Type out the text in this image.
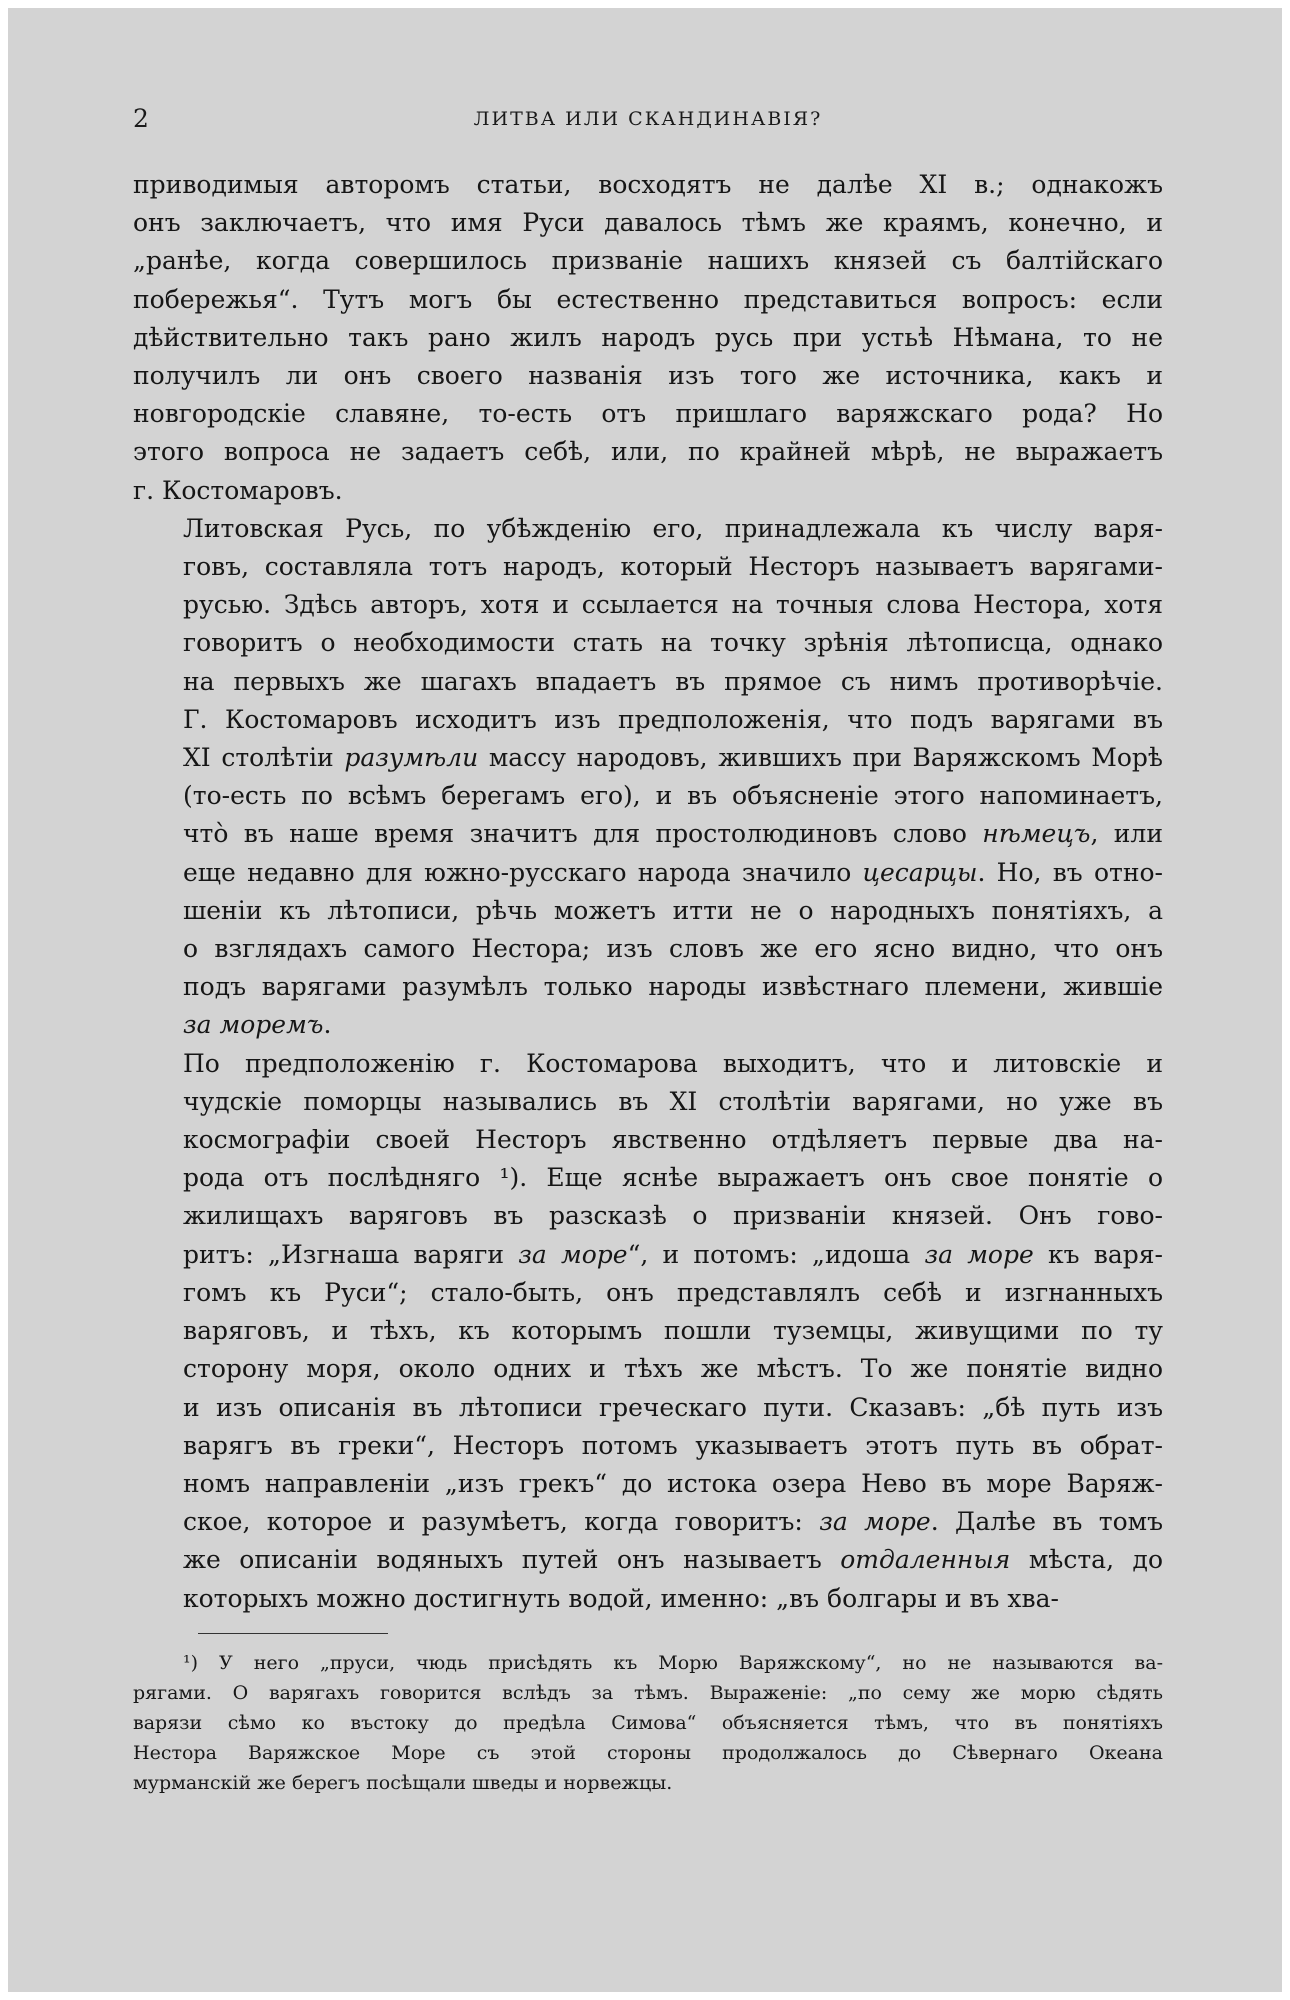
2	ЛИТВА ИЛИ СКАНДИНАВІЯ?

приводимыя авторомъ статьи, восходятъ не далѣе XI в.; однакожъ
онъ заключаетъ, что имя Руси давалось тѣмъ же краямъ, конечно, и
„ранѣе, когда совершилось призваніе нашихъ князей съ балтійскаго
побережья“. Тутъ могъ бы естественно представиться вопросъ: если
дѣйствительно такъ рано жилъ народъ русь при устьѣ Нѣмана, то не
получилъ ли онъ своего названія изъ того же источника, какъ и
новгородскіе славяне, то-есть отъ пришлаго варяжскаго рода? Но
этого вопроса не задаетъ себѣ, или, по крайней мѣрѣ, не выражаетъ
г. Костомаровъ.

Литовская Русь, по убѣжденію его, принадлежала къ числу варя-
говъ, составляла тотъ народъ, который Несторъ называетъ варягами-
русью. Здѣсь авторъ, хотя и ссылается на точныя слова Нестора, хотя
говоритъ о необходимости стать на точку зрѣнія лѣтописца, однако
на первыхъ же шагахъ впадаетъ въ прямое съ нимъ противорѣчіе.
Г. Костомаровъ исходитъ изъ предположенія, что подъ варягами въ
XI столѣтіи разумѣли массу народовъ, жившихъ при Варяжскомъ Морѣ
(то-есть по всѣмъ берегамъ его), и въ объясненіе этого напоминаетъ,
что̀ въ наше время значитъ для простолюдиновъ слово нѣмецъ, или
еще недавно для южно-русскаго народа значило цесарцы. Но, въ отно-
шеніи къ лѣтописи, рѣчь можетъ итти не о народныхъ понятіяхъ, а
о взглядахъ самого Нестора; изъ словъ же его ясно видно, что онъ
подъ варягами разумѣлъ только народы извѣстнаго племени, жившіе
за моремъ.

По предположенію г. Костомарова выходитъ, что и литовскіе и
чудскіе поморцы назывались въ XI столѣтіи варягами, но уже въ
космографіи своей Несторъ явственно отдѣляетъ первые два на-
рода отъ послѣдняго ¹). Еще яснѣе выражаетъ онъ свое понятіе о
жилищахъ варяговъ въ разсказѣ о призваніи князей. Онъ гово-
ритъ: „Изгнаша варяги за море“, и потомъ: „идоша за море къ варя-
гомъ къ Руси“; стало-быть, онъ представлялъ себѣ и изгнанныхъ
варяговъ, и тѣхъ, къ которымъ пошли туземцы, живущими по ту
сторону моря, около одних и тѣхъ же мѣстъ. То же понятіе видно
и изъ описанія въ лѣтописи греческаго пути. Сказавъ: „бѣ путь изъ
варягъ въ греки“, Несторъ потомъ указываетъ этотъ путь въ обрат-
номъ направленіи „изъ грекъ“ до истока озера Нево въ море Варяж-
ское, которое и разумѣетъ, когда говоритъ: за море. Далѣе въ томъ
же описаніи водяныхъ путей онъ называетъ отдаленныя мѣста, до
которыхъ можно достигнуть водой, именно: „въ болгары и въ хва-

¹) У него „пруси, чюдь присѣдять къ Морю Варяжскому“, но не называются ва-
рягами. О варягахъ говорится вслѣдъ за тѣмъ. Выраженіе: „по сему же морю сѣдять
варязи сѣмо ко въстоку до предѣла Симова“ объясняется тѣмъ, что въ понятіяхъ
Нестора Варяжское Море съ этой стороны продолжалось до Сѣвернаго Океана
мурманскій же берегъ посѣщали шведы и норвежцы.
